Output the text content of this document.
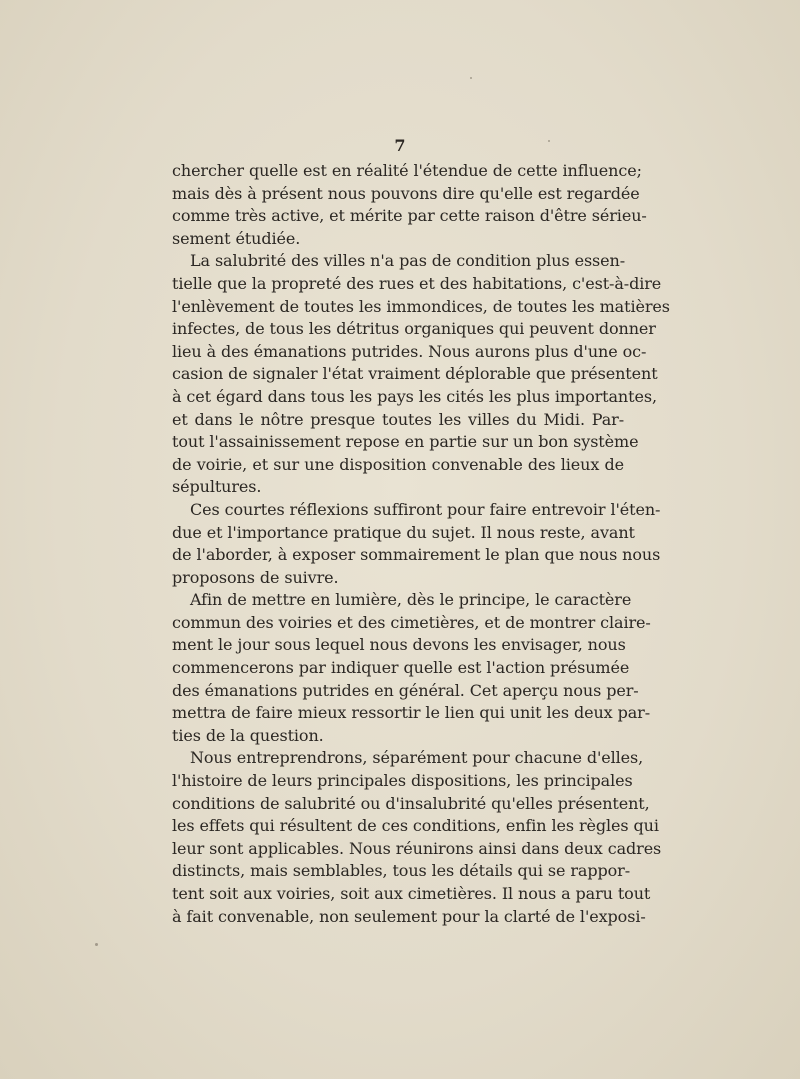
7
chercher quelle est en réalité l'étendue de cette influence;
mais dès à présent nous pouvons dire qu'elle est regardée
comme très active, et mérite par cette raison d'être sérieu-
sement étudiée.
La salubrité des villes n'a pas de condition plus essen-
tielle que la propreté des rues et des habitations, c'est-à-dire
l'enlèvement de toutes les immondices, de toutes les matières
infectes, de tous les détritus organiques qui peuvent donner
lieu à des émanations putrides. Nous aurons plus d'une oc-
casion de signaler l'état vraiment déplorable que présentent
à cet égard dans tous les pays les cités les plus importantes,
et dans le nôtre presque toutes les villes du Midi. Par-
tout l'assainissement repose en partie sur un bon système
de voirie, et sur une disposition convenable des lieux de
sépultures.
Ces courtes réflexions suffiront pour faire entrevoir l'éten-
due et l'importance pratique du sujet. Il nous reste, avant
de l'aborder, à exposer sommairement le plan que nous nous
proposons de suivre.
Afin de mettre en lumière, dès le principe, le caractère
commun des voiries et des cimetières, et de montrer claire-
ment le jour sous lequel nous devons les envisager, nous
commencerons par indiquer quelle est l'action présumée
des émanations putrides en général. Cet aperçu nous per-
mettra de faire mieux ressortir le lien qui unit les deux par-
ties de la question.
Nous entreprendrons, séparément pour chacune d'elles,
l'histoire de leurs principales dispositions, les principales
conditions de salubrité ou d'insalubrité qu'elles présentent,
les effets qui résultent de ces conditions, enfin les règles qui
leur sont applicables. Nous réunirons ainsi dans deux cadres
distincts, mais semblables, tous les détails qui se rappor-
tent soit aux voiries, soit aux cimetières. Il nous a paru tout
à fait convenable, non seulement pour la clarté de l'exposi-
